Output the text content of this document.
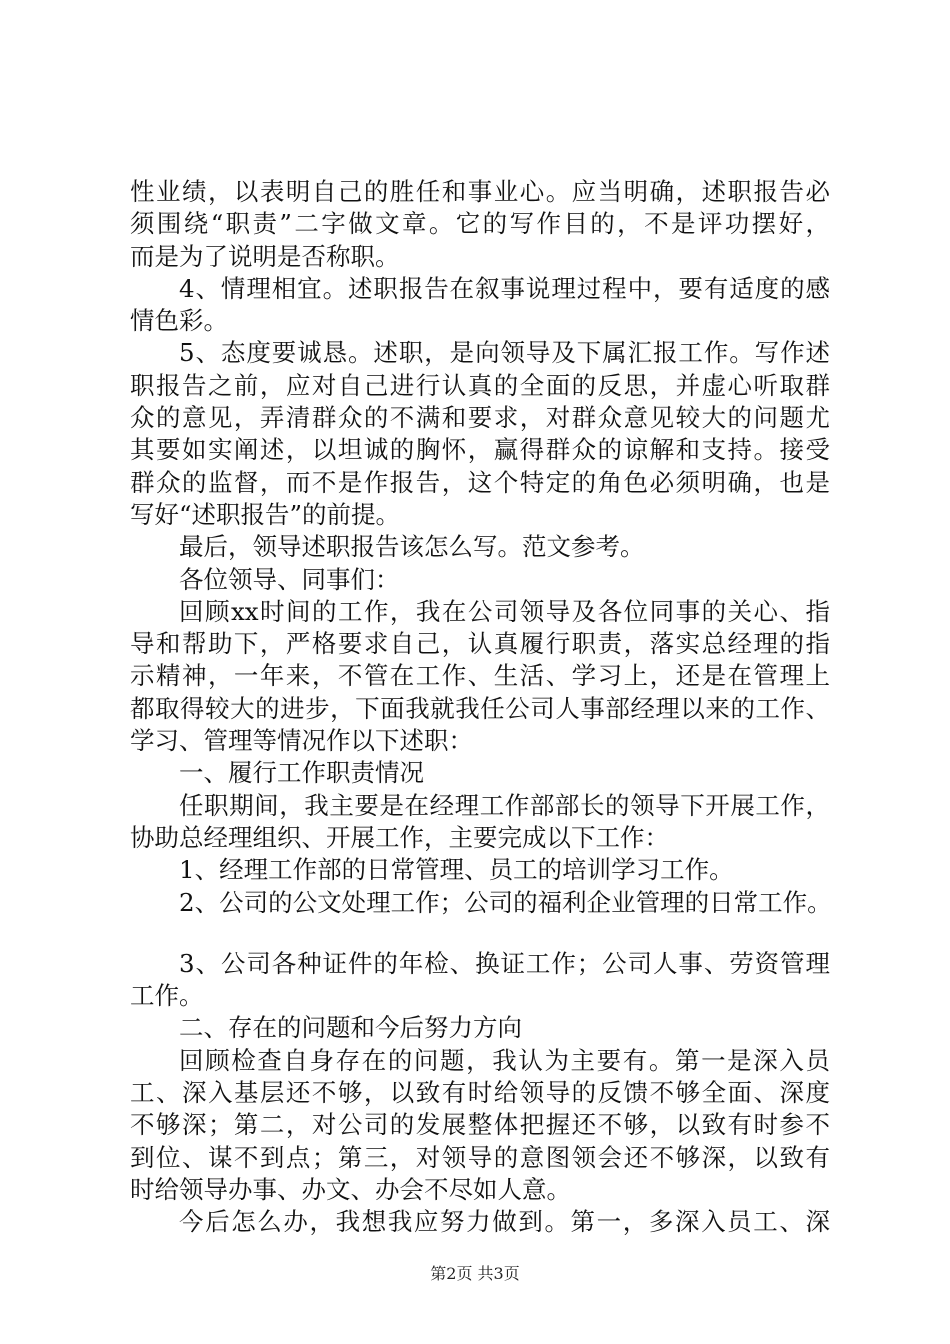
性业绩，以表明自己的胜任和事业心。应当明确，述职报告必
须围绕“职责”二字做文章。它的写作目的，不是评功摆好，
而是为了说明是否称职。
4、情理相宜。述职报告在叙事说理过程中，要有适度的感
情色彩。
5、态度要诚恳。述职，是向领导及下属汇报工作。写作述
职报告之前，应对自己进行认真的全面的反思，并虚心听取群
众的意见，弄清群众的不满和要求，对群众意见较大的问题尤
其要如实阐述，以坦诚的胸怀，赢得群众的谅解和支持。接受
群众的监督，而不是作报告，这个特定的角色必须明确，也是
写好“述职报告”的前提。
最后，领导述职报告该怎么写。范文参考。
各位领导、同事们：
回顾xx时间的工作，我在公司领导及各位同事的关心、指
导和帮助下，严格要求自己，认真履行职责，落实总经理的指
示精神，一年来，不管在工作、生活、学习上，还是在管理上
都取得较大的进步，下面我就我任公司人事部经理以来的工作、
学习、管理等情况作以下述职：
一、履行工作职责情况
任职期间，我主要是在经理工作部部长的领导下开展工作，
协助总经理组织、开展工作，主要完成以下工作：
1、经理工作部的日常管理、员工的培训学习工作。
2、公司的公文处理工作；公司的福利企业管理的日常工作。
3、公司各种证件的年检、换证工作；公司人事、劳资管理
工作。
二、存在的问题和今后努力方向
回顾检查自身存在的问题，我认为主要有。第一是深入员
工、深入基层还不够，以致有时给领导的反馈不够全面、深度
不够深；第二，对公司的发展整体把握还不够，以致有时参不
到位、谋不到点；第三，对领导的意图领会还不够深，以致有
时给领导办事、办文、办会不尽如人意。
今后怎么办，我想我应努力做到。第一，多深入员工、深
第2页 共3页
